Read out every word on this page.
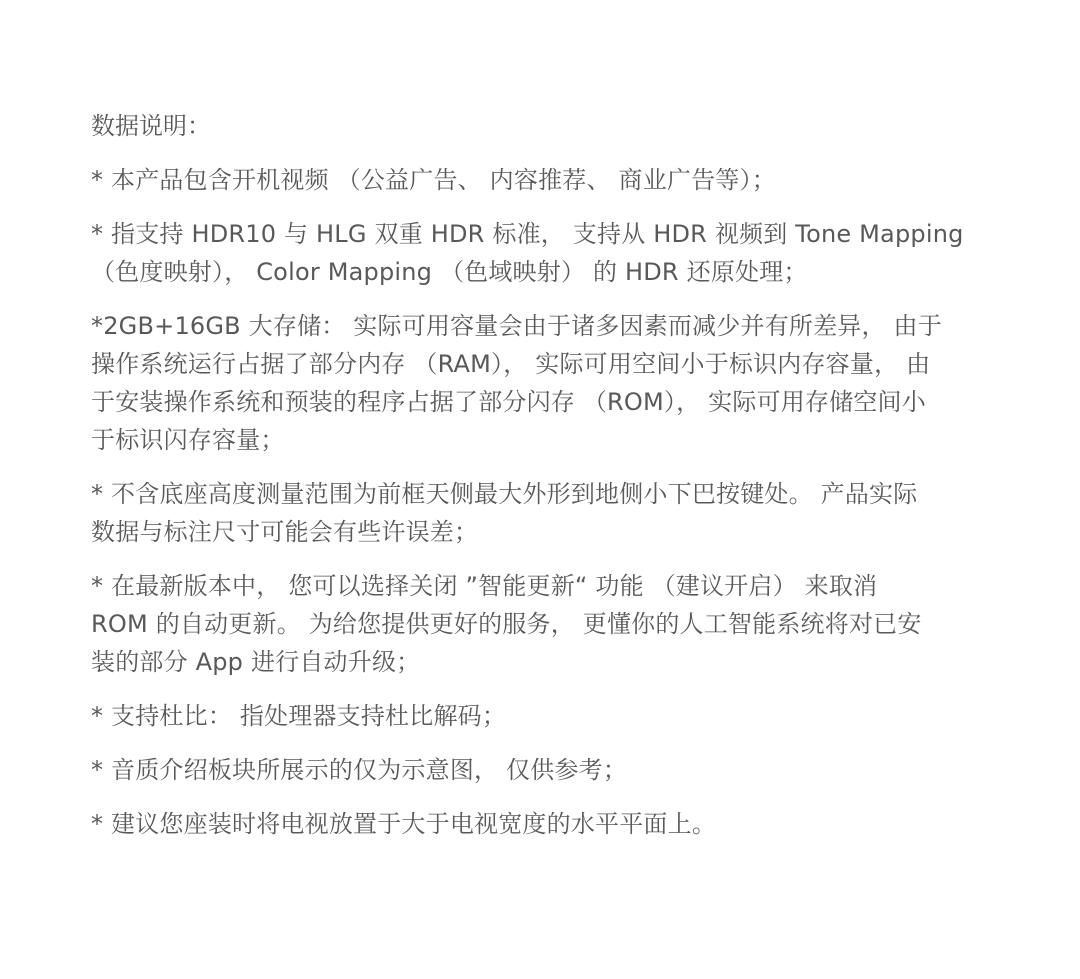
数据说明：
* 本产品包含开机视频 （公益广告、 内容推荐、 商业广告等）；
* 指支持 HDR10 与 HLG 双重 HDR 标准， 支持从 HDR 视频到 Tone Mapping
（色度映射）， Color Mapping （色域映射） 的 HDR 还原处理；
*2GB+16GB 大存储： 实际可用容量会由于诸多因素而减少并有所差异， 由于
操作系统运行占据了部分内存 （RAM）， 实际可用空间小于标识内存容量， 由
于安装操作系统和预装的程序占据了部分闪存 （ROM）， 实际可用存储空间小
于标识闪存容量；
* 不含底座高度测量范围为前框天侧最大外形到地侧小下巴按键处。 产品实际
数据与标注尺寸可能会有些许误差；
* 在最新版本中， 您可以选择关闭 ”智能更新“ 功能 （建议开启） 来取消
ROM 的自动更新。 为给您提供更好的服务， 更懂你的人工智能系统将对已安
装的部分 App 进行自动升级；
* 支持杜比： 指处理器支持杜比解码；
* 音质介绍板块所展示的仅为示意图， 仅供参考；
* 建议您座装时将电视放置于大于电视宽度的水平平面上。
